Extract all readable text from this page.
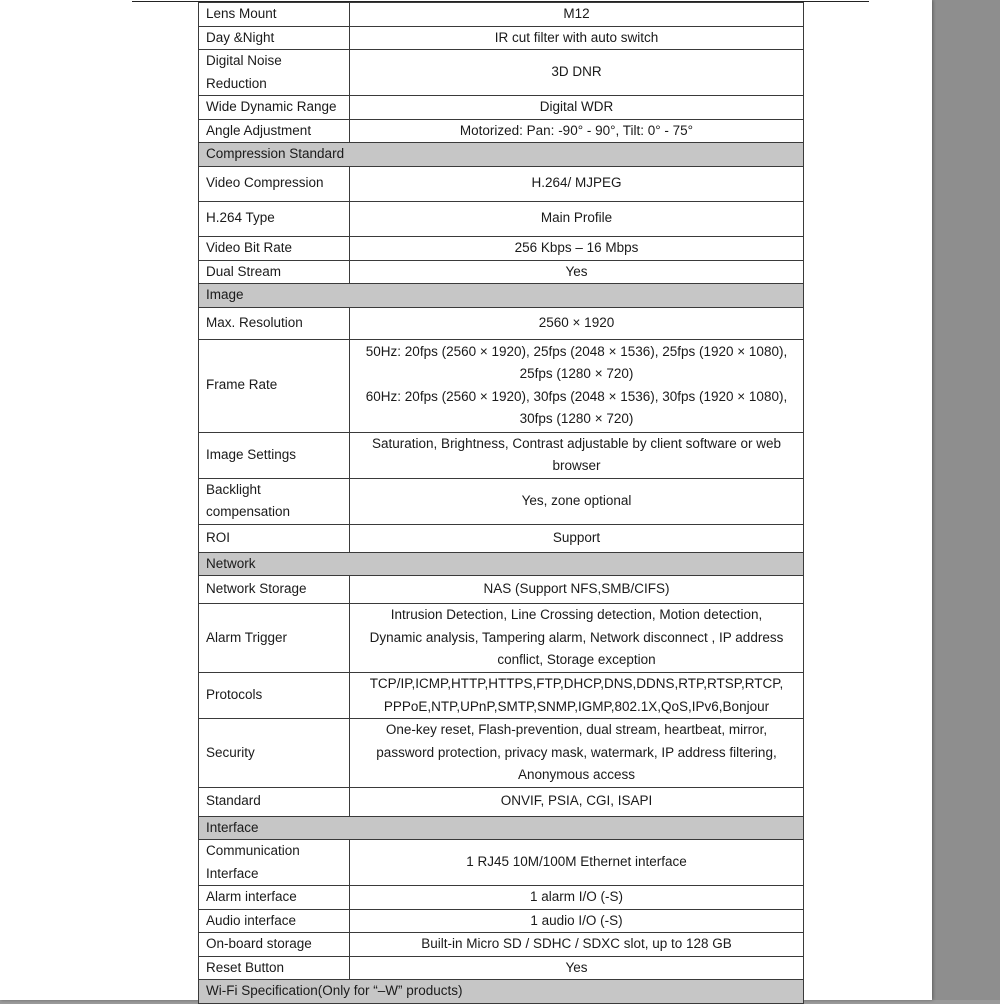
Lens Mount	M12

Day &Night	IR cut filter with auto switch

Digital Noise Reduction	3D DNR

Wide Dynamic Range	Digital WDR

Angle Adjustment	Motorized: Pan: -90° - 90°, Tilt: 0° - 75°

Compression Standard	
Video Compression	H.264/ MJPEG

H.264 Type	Main Profile

Video Bit Rate	256 Kbps – 16 Mbps

Dual Stream	Yes

Image	
Max. Resolution	2560 × 1920

Frame Rate	50Hz: 20fps (2560 × 1920), 25fps (2048 × 1536), 25fps (1920 × 1080),
25fps (1280 × 720)
60Hz: 20fps (2560 × 1920), 30fps (2048 × 1536), 30fps (1920 × 1080),
30fps (1280 × 720)

Image Settings	Saturation, Brightness, Contrast adjustable by client software or web
browser

Backlight compensation	Yes, zone optional

ROI	Support

Network	
Network Storage	NAS (Support NFS,SMB/CIFS)

Alarm Trigger	Intrusion Detection, Line Crossing detection, Motion detection,
Dynamic analysis, Tampering alarm, Network disconnect , IP address
conflict, Storage exception

Protocols	TCP/IP,ICMP,HTTP,HTTPS,FTP,DHCP,DNS,DDNS,RTP,RTSP,RTCP,
PPPoE,NTP,UPnP,SMTP,SNMP,IGMP,802.1X,QoS,IPv6,Bonjour

Security	One-key reset, Flash-prevention, dual stream, heartbeat, mirror,
password protection, privacy mask, watermark, IP address filtering,
Anonymous access

Standard	ONVIF, PSIA, CGI, ISAPI

Interface	
Communication Interface	1 RJ45 10M/100M Ethernet interface

Alarm interface	1 alarm I/O (-S)

Audio interface	1 audio I/O (-S)

On-board storage	Built-in Micro SD / SDHC / SDXC slot, up to 128 GB

Reset Button	Yes

Wi-Fi Specification(Only for “–W” products)	
